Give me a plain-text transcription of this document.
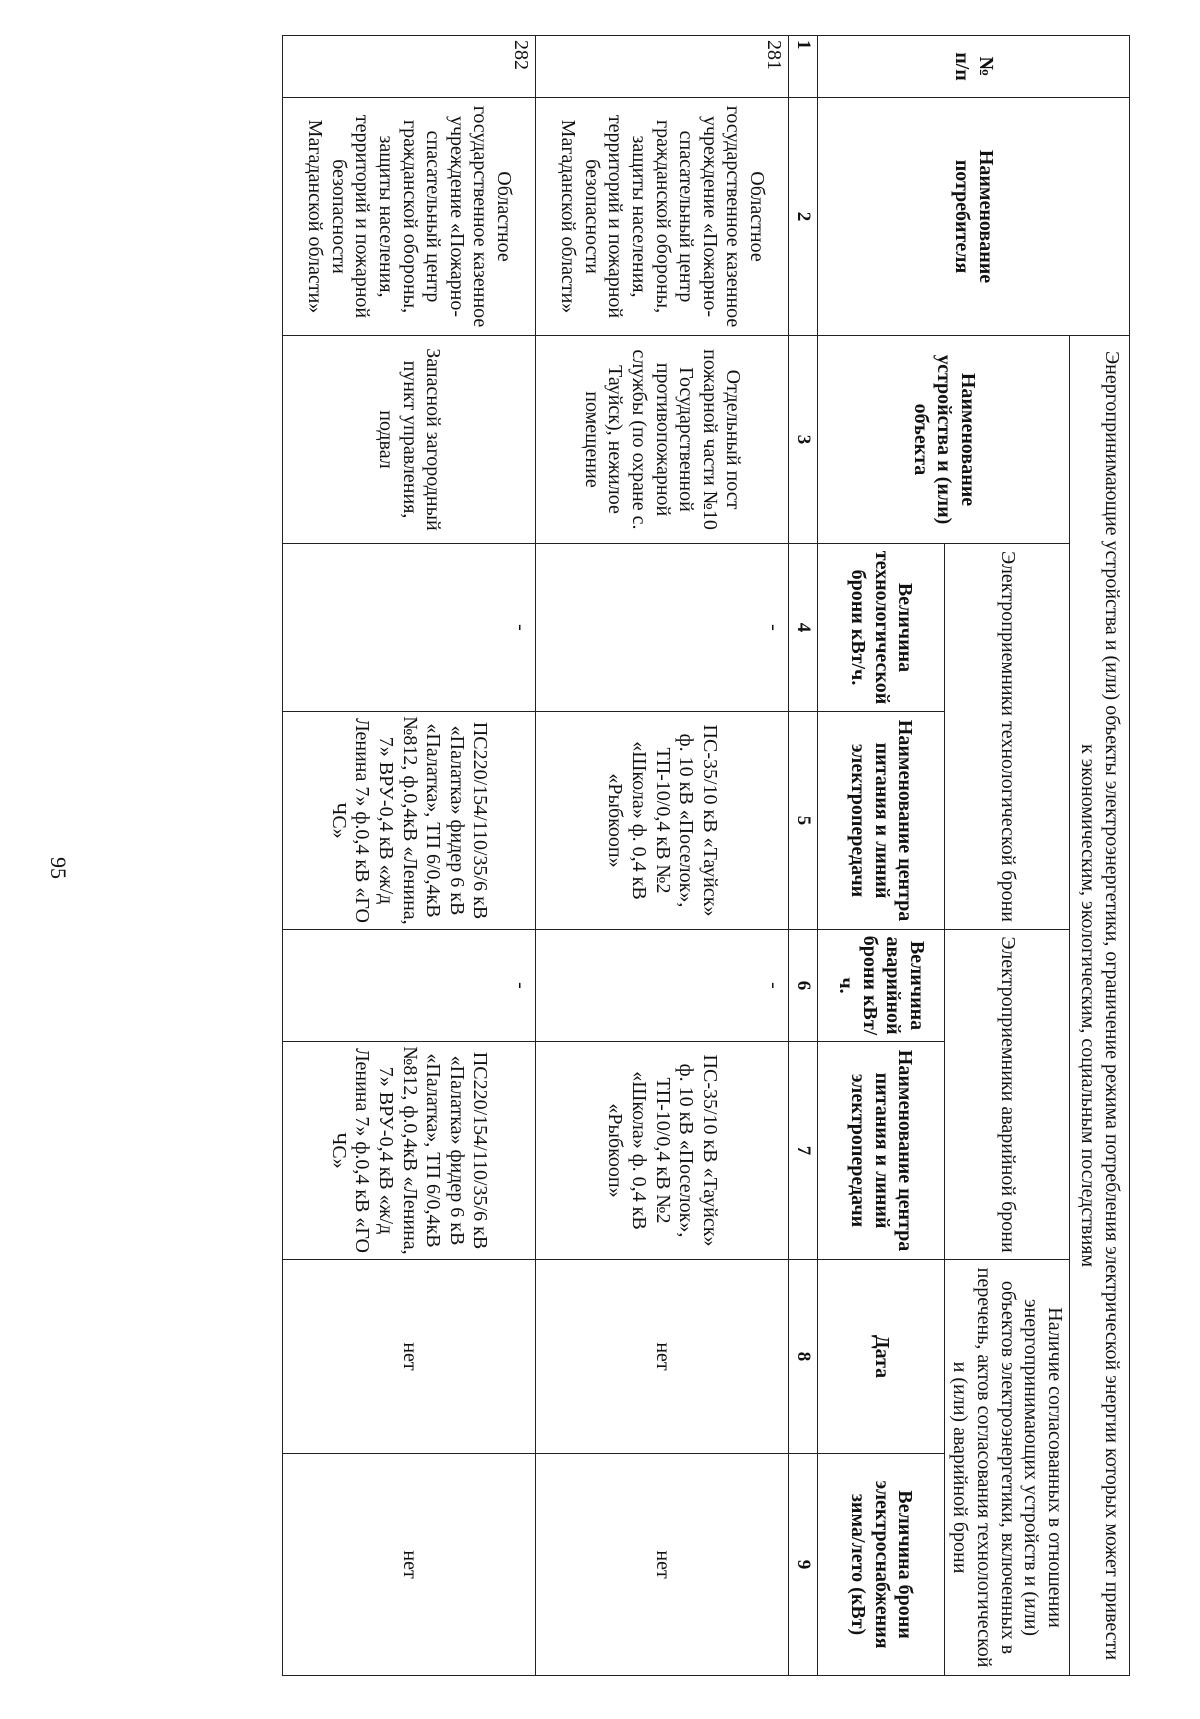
95
№
п/п	Наименование потребителя	Энергопринимающие устройства и (или) объекты электроэнергетики, ограничение режима потребления электрической энергии которых может привести к экономическим, экологическим, социальным последствиям						
		Наименование устройства и (или) объекта	Электроприемники технологической брони		Электроприемники аварийной брони		Наличие согласованных в отношении энергопринимающих устройств и (или) объектов электроэнергетики, включенных в перечень, актов согласования технологической и (или) аварийной брони	
			Величина технологической брони кВт/ч.	Наименование центра питания и линий электропередачи	Величина аварийной брони кВт/ч.	Наименование центра питания и линий электропередачи	Дата	Величина брони электроснабжения зима/лето (кВт)
1	2	3	4	5	6	7	8	9
281	Областное государственное казенное учреждение «Пожарно-спасательный центр гражданской обороны, защиты населения, территорий и пожарной безопасности Магаданской области»	Отдельный пост пожарной части №10 Государственной противопожарной службы (по охране с. Тауйск), нежилое помещение	-	ПС-35/10 кВ «Тауйск» ф. 10 кВ «Поселок», ТП-10/0,4 кВ №2 «Школа» ф. 0,4 кВ «Рыбкооп»	-	ПС-35/10 кВ «Тауйск» ф. 10 кВ «Поселок», ТП-10/0,4 кВ №2 «Школа» ф. 0,4 кВ «Рыбкооп»	нет	нет
282	Областное государственное казенное учреждение «Пожарно-спасательный центр гражданской обороны, защиты населения, территорий и пожарной безопасности Магаданской области»	Запасной загородный пункт управления, подвал	-	ПС220/154/110/35/6 кВ «Палатка» фидер 6 кВ «Палатка», ТП 6/0,4кВ №812, ф.0,4кВ «Ленина, 7» ВРУ-0,4 кВ «ж/д Ленина 7» ф.0,4 кВ «ГО ЧС»	-	ПС220/154/110/35/6 кВ «Палатка» фидер 6 кВ «Палатка», ТП 6/0,4кВ №812, ф.0,4кВ «Ленина, 7» ВРУ-0,4 кВ «ж/д Ленина 7» ф.0,4 кВ «ГО ЧС»	нет	нет
